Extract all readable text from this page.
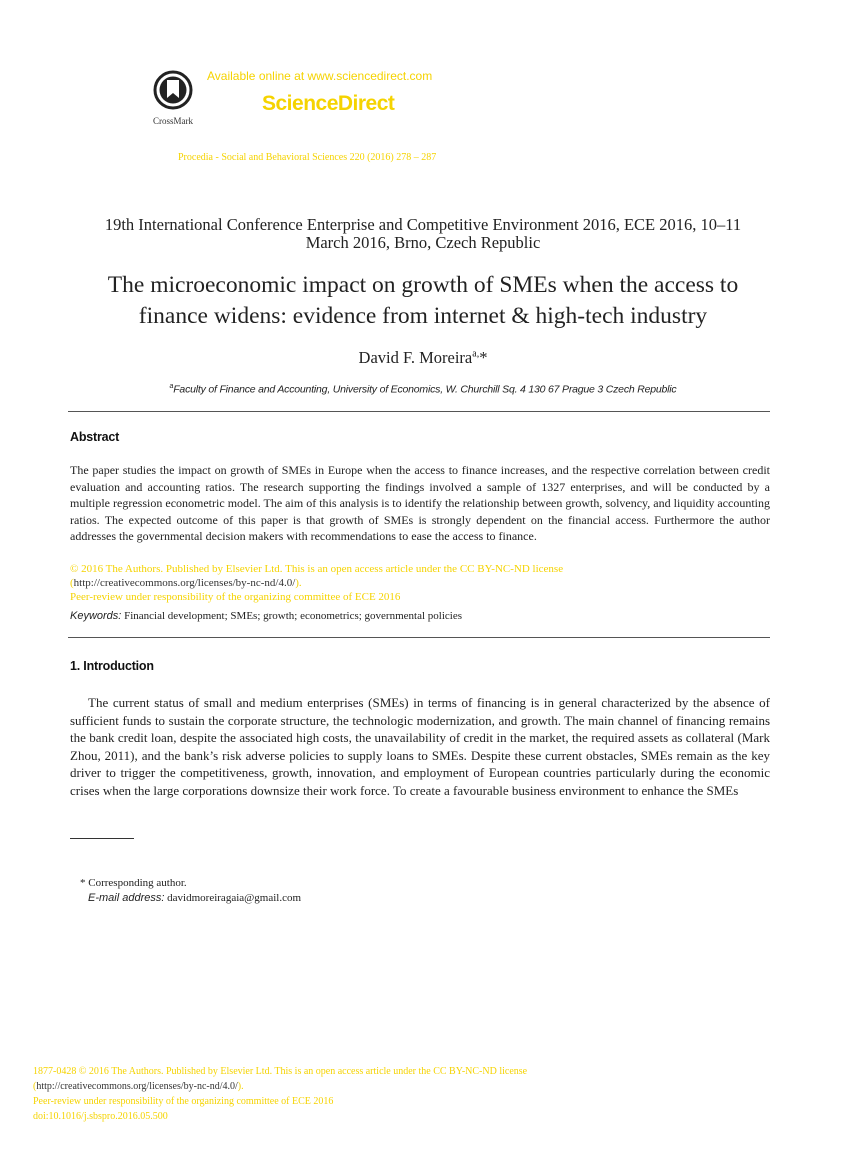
CrossMark
Available online at www.sciencedirect.com
ScienceDirect
Procedia - Social and Behavioral Sciences 220 (2016) 278 – 287
19th International Conference Enterprise and Competitive Environment 2016, ECE 2016, 10–11
March 2016, Brno, Czech Republic
The microeconomic impact on growth of SMEs when the access to
finance widens: evidence from internet & high-tech industry
David F. Moreira$^{a,}$*
$^a$Faculty of Finance and Accounting, University of Economics, W. Churchill Sq. 4 130 67 Prague 3 Czech Republic
Abstract
The paper studies the impact on growth of SMEs in Europe when the access to finance increases, and the respective correlation between credit evaluation and accounting ratios. The research supporting the findings involved a sample of 1327 enterprises, and will be conducted by a multiple regression econometric model. The aim of this analysis is to identify the relationship between growth, solvency, and liquidity accounting ratios. The expected outcome of this paper is that growth of SMEs is strongly dependent on the financial access. Furthermore the author addresses the governmental decision makers with recommendations to ease the access to finance.
© 2016 The Authors. Published by Elsevier Ltd. This is an open access article under the CC BY-NC-ND license
(http://creativecommons.org/licenses/by-nc-nd/4.0/).
Peer-review under responsibility of the organizing committee of ECE 2016
Keywords: Financial development; SMEs; growth; econometrics; governmental policies
1. Introduction
The current status of small and medium enterprises (SMEs) in terms of financing is in general characterized by the absence of sufficient funds to sustain the corporate structure, the technologic modernization, and growth. The main channel of financing remains the bank credit loan, despite the associated high costs, the unavailability of credit in the market, the required assets as collateral (Mark Zhou, 2011), and the bank’s risk adverse policies to supply loans to SMEs. Despite these current obstacles, SMEs remain as the key driver to trigger the competitiveness, growth, innovation, and employment of European countries particularly during the economic crises when the large corporations downsize their work force. To create a favourable business environment to enhance the SMEs
* Corresponding author.
E-mail address: davidmoreiragaia@gmail.com
1877-0428 © 2016 The Authors. Published by Elsevier Ltd. This is an open access article under the CC BY-NC-ND license
(http://creativecommons.org/licenses/by-nc-nd/4.0/).
Peer-review under responsibility of the organizing committee of ECE 2016
doi:10.1016/j.sbspro.2016.05.500
